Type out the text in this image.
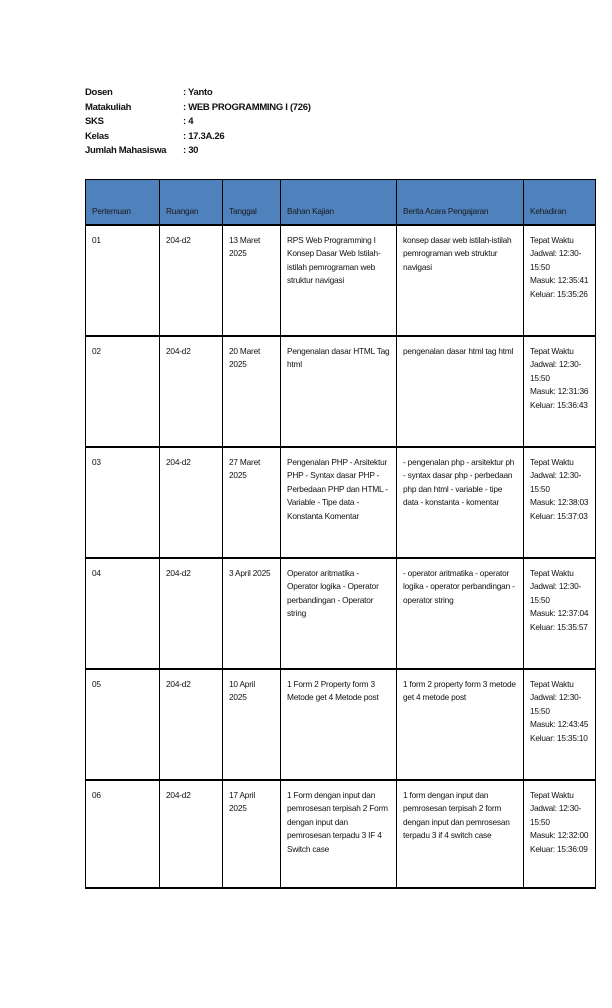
Dosen	: Yanto
Matakuliah	: WEB PROGRAMMING I (726)
SKS	: 4
Kelas	: 17.3A.26
Jumlah Mahasiswa	: 30
Pertemuan	Ruangan	Tanggal	Bahan Kajian	Berita Acara Pengajaran	Kehadiran
01	204-d2	13 Maret 2025	RPS Web Programming I Konsep Dasar Web Istilah-istilah pemrograman web struktur navigasi	konsep dasar web istilah-istilah pemrograman web struktur navigasi	Tepat Waktu
Jadwal: 12:30-15:50
Masuk: 12:35:41
Keluar: 15:35:26

02	204-d2	20 Maret 2025	Pengenalan dasar HTML Tag html	pengenalan dasar html tag html	Tepat Waktu
Jadwal: 12:30-15:50
Masuk: 12:31:36
Keluar: 15:36:43

03	204-d2	27 Maret 2025	Pengenalan PHP - Arsitektur PHP - Syntax dasar PHP - Perbedaan PHP dan HTML - Variable - Tipe data - Konstanta Komentar	- pengenalan php - arsitektur ph - syntax dasar php - perbedaan php dan html - variable - tipe data - konstanta - komentar	Tepat Waktu
Jadwal: 12:30-15:50
Masuk: 12:38:03
Keluar: 15:37:03

04	204-d2	3 April 2025	Operator aritmatika - Operator logika - Operator perbandingan - Operator string	- operator aritmatika - operator logika - operator perbandingan - operator string	Tepat Waktu
Jadwal: 12:30-15:50
Masuk: 12:37:04
Keluar: 15:35:57

05	204-d2	10 April 2025	1 Form 2 Property form 3 Metode get 4 Metode post	1 form 2 property form 3 metode get 4 metode post	Tepat Waktu
Jadwal: 12:30-15:50
Masuk: 12:43:45
Keluar: 15:35:10

06	204-d2	17 April 2025	1 Form dengan input dan pemrosesan terpisah 2 Form dengan input dan pemrosesan terpadu 3 IF 4 Switch case	1 form dengan input dan pemrosesan terpisah 2 form dengan input dan pemrosesan terpadu 3 if 4 switch case	Tepat Waktu
Jadwal: 12:30-15:50
Masuk: 12:32:00
Keluar: 15:36:09
